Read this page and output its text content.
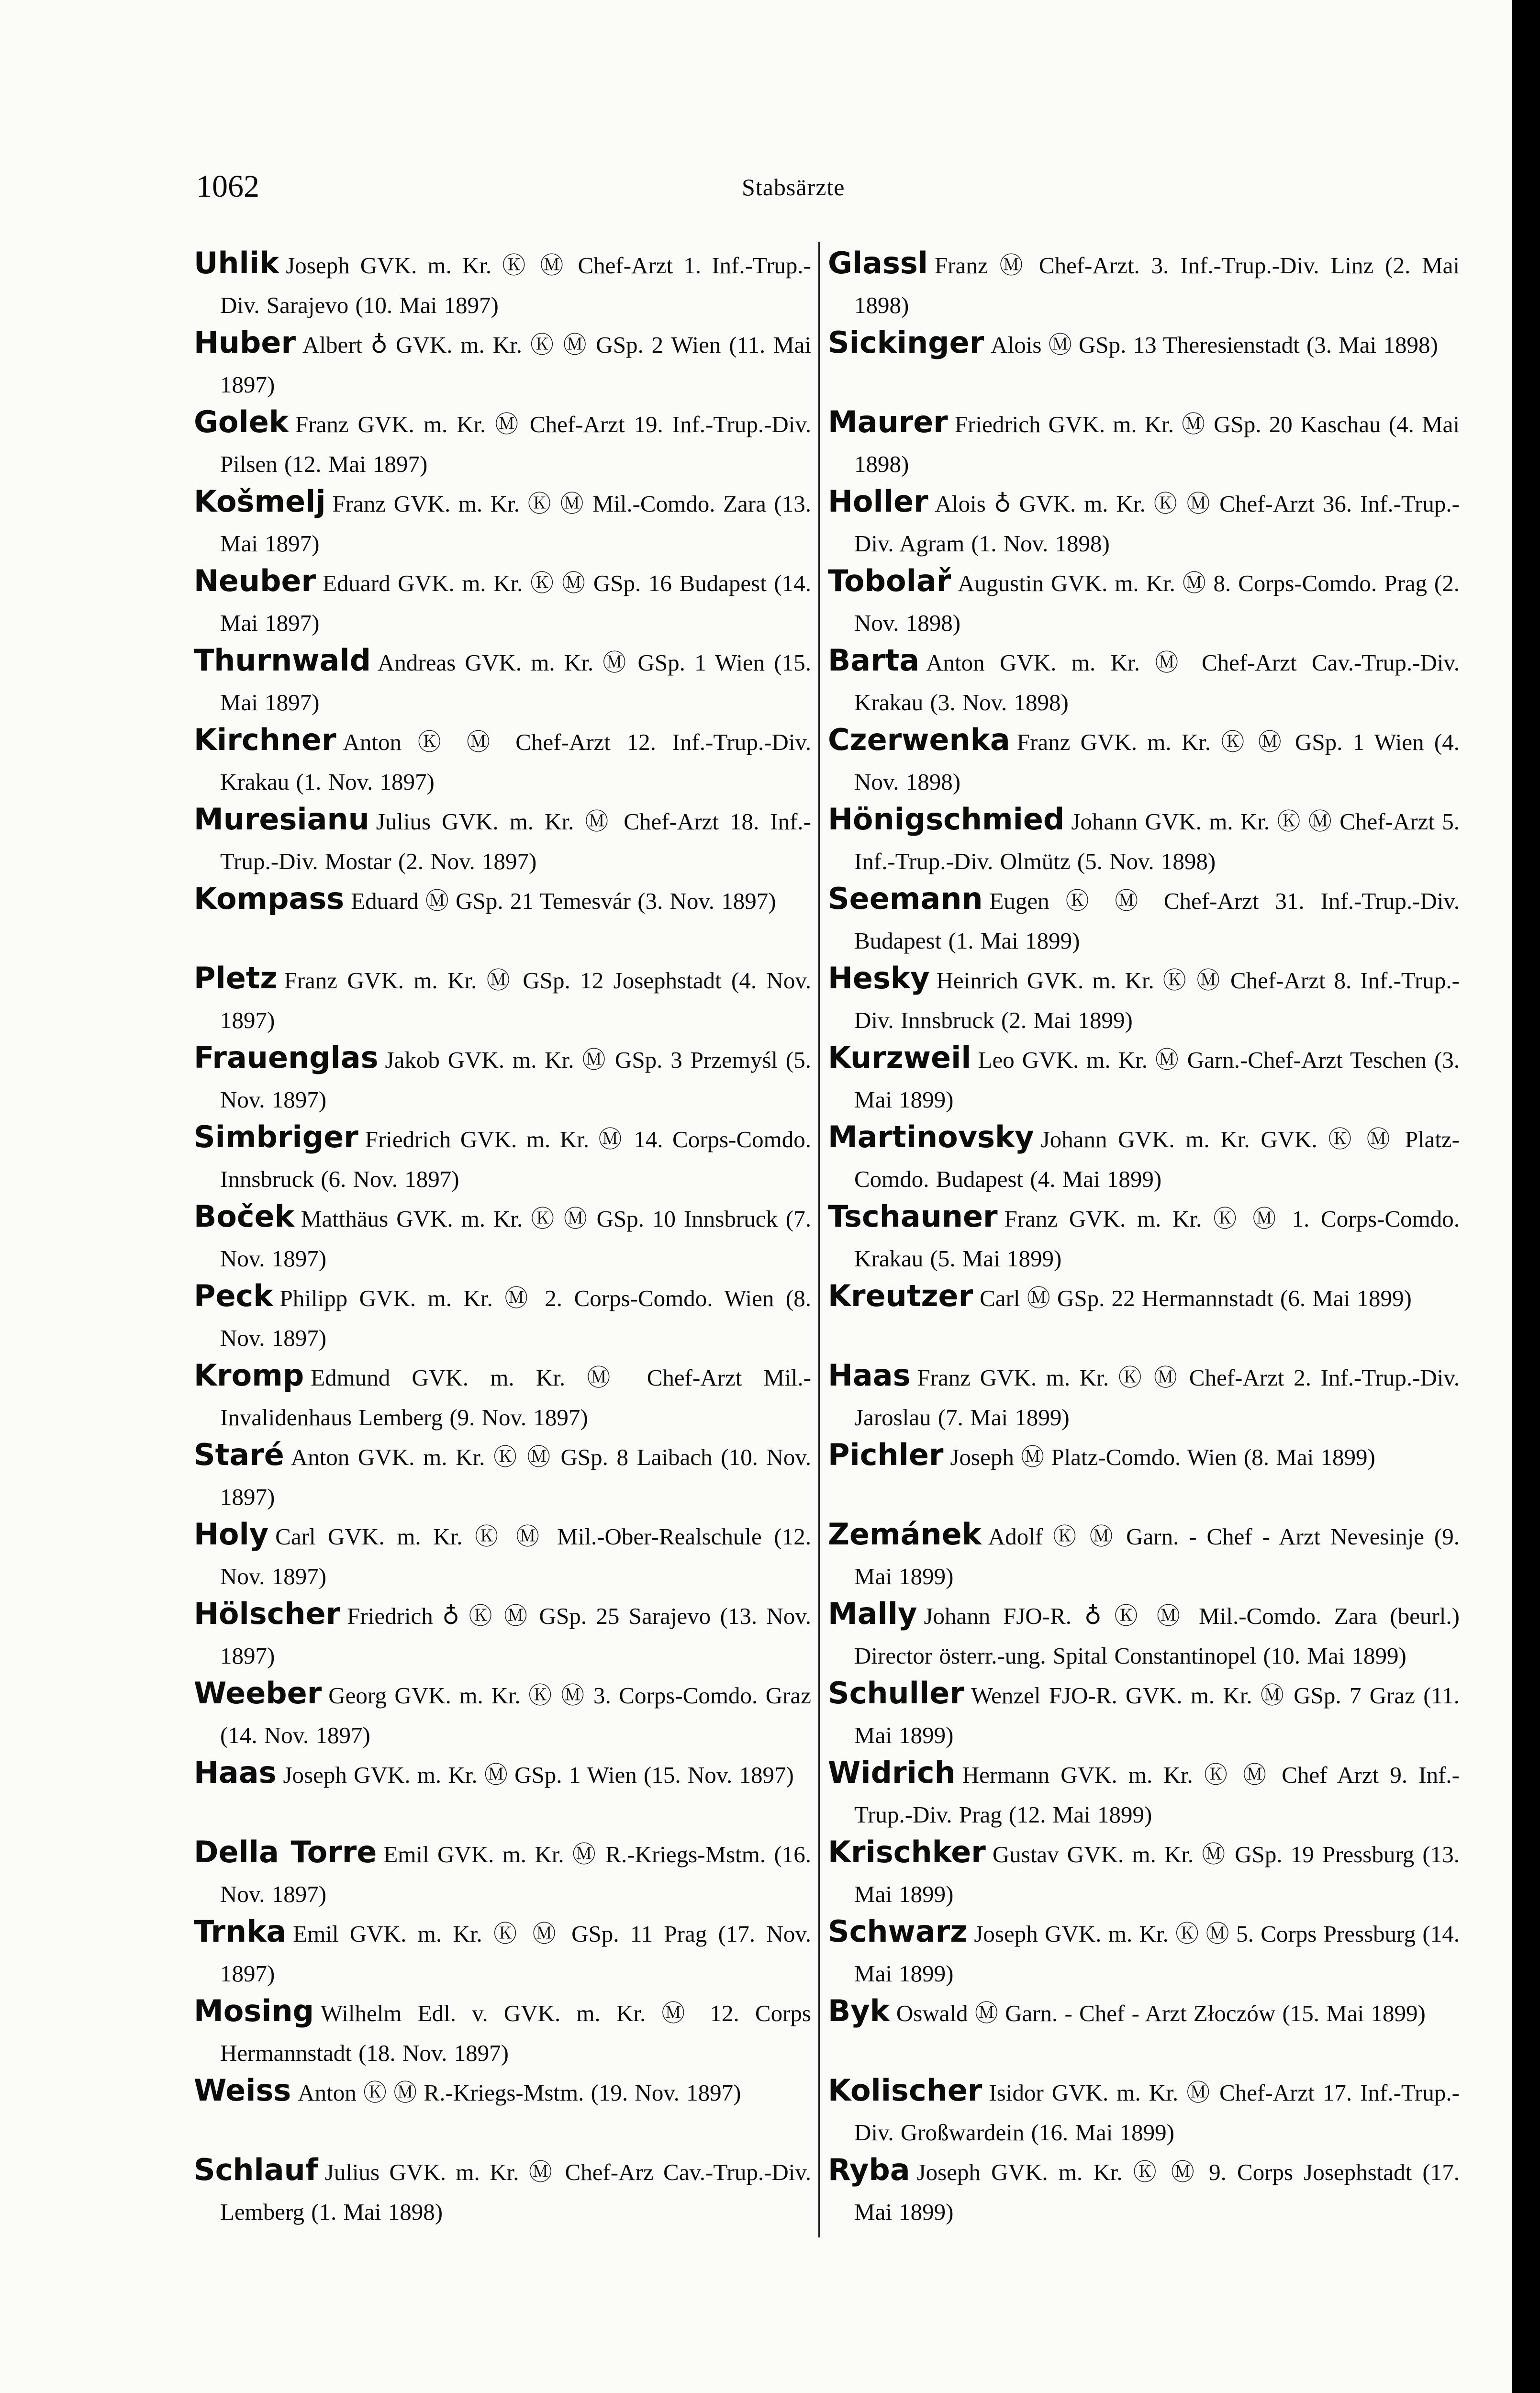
1062	Stabsärzte

Uhlik Joseph GVK. m. Kr. Ⓚ Ⓜ Chef-Arzt 1. Inf.-Trup.-Div. Sarajevo (10. Mai 1897)

Huber Albert ♁ GVK. m. Kr. Ⓚ Ⓜ GSp. 2 Wien (11. Mai 1897)

Golek Franz GVK. m. Kr. Ⓜ Chef-Arzt 19. Inf.-Trup.-Div. Pilsen (12. Mai 1897)

Košmelj Franz GVK. m. Kr. Ⓚ Ⓜ Mil.-Comdo. Zara (13. Mai 1897)

Neuber Eduard GVK. m. Kr. Ⓚ Ⓜ GSp. 16 Budapest (14. Mai 1897)

Thurnwald Andreas GVK. m. Kr. Ⓜ GSp. 1 Wien (15. Mai 1897)

Kirchner Anton Ⓚ Ⓜ Chef-Arzt 12. Inf.-Trup.-Div. Krakau (1. Nov. 1897)

Muresianu Julius GVK. m. Kr. Ⓜ Chef-Arzt 18. Inf.-Trup.-Div. Mostar (2. Nov. 1897)

Kompass Eduard Ⓜ GSp. 21 Temesvár (3. Nov. 1897)

Pletz Franz GVK. m. Kr. Ⓜ GSp. 12 Josephstadt (4. Nov. 1897)

Frauenglas Jakob GVK. m. Kr. Ⓜ GSp. 3 Przemyśl (5. Nov. 1897)

Simbriger Friedrich GVK. m. Kr. Ⓜ 14. Corps-Comdo. Innsbruck (6. Nov. 1897)

Boček Matthäus GVK. m. Kr. Ⓚ Ⓜ GSp. 10 Innsbruck (7. Nov. 1897)

Peck Philipp GVK. m. Kr. Ⓜ 2. Corps-Comdo. Wien (8. Nov. 1897)

Kromp Edmund GVK. m. Kr. Ⓜ Chef-Arzt Mil.-Invalidenhaus Lemberg (9. Nov. 1897)

Staré Anton GVK. m. Kr. Ⓚ Ⓜ GSp. 8 Laibach (10. Nov. 1897)

Holy Carl GVK. m. Kr. Ⓚ Ⓜ Mil.-Ober-Realschule (12. Nov. 1897)

Hölscher Friedrich ♁ Ⓚ Ⓜ GSp. 25 Sarajevo (13. Nov. 1897)

Weeber Georg GVK. m. Kr. Ⓚ Ⓜ 3. Corps-Comdo. Graz (14. Nov. 1897)

Haas Joseph GVK. m. Kr. Ⓜ GSp. 1 Wien (15. Nov. 1897)

Della Torre Emil GVK. m. Kr. Ⓜ R.-Kriegs-Mstm. (16. Nov. 1897)

Trnka Emil GVK. m. Kr. Ⓚ Ⓜ GSp. 11 Prag (17. Nov. 1897)

Mosing Wilhelm Edl. v. GVK. m. Kr. Ⓜ 12. Corps Hermannstadt (18. Nov. 1897)

Weiss Anton Ⓚ Ⓜ R.-Kriegs-Mstm. (19. Nov. 1897)

Schlauf Julius GVK. m. Kr. Ⓜ Chef-Arz Cav.-Trup.-Div. Lemberg (1. Mai 1898)

Glassl Franz Ⓜ Chef-Arzt. 3. Inf.-Trup.-Div. Linz (2. Mai 1898)

Sickinger Alois Ⓜ GSp. 13 Theresienstadt (3. Mai 1898)

Maurer Friedrich GVK. m. Kr. Ⓜ GSp. 20 Kaschau (4. Mai 1898)

Holler Alois ♁ GVK. m. Kr. Ⓚ Ⓜ Chef-Arzt 36. Inf.-Trup.-Div. Agram (1. Nov. 1898)

Tobolař Augustin GVK. m. Kr. Ⓜ 8. Corps-Comdo. Prag (2. Nov. 1898)

Barta Anton GVK. m. Kr. Ⓜ Chef-Arzt Cav.-Trup.-Div. Krakau (3. Nov. 1898)

Czerwenka Franz GVK. m. Kr. Ⓚ Ⓜ GSp. 1 Wien (4. Nov. 1898)

Hönigschmied Johann GVK. m. Kr. Ⓚ Ⓜ Chef-Arzt 5. Inf.-Trup.-Div. Olmütz (5. Nov. 1898)

Seemann Eugen Ⓚ Ⓜ Chef-Arzt 31. Inf.-Trup.-Div. Budapest (1. Mai 1899)

Hesky Heinrich GVK. m. Kr. Ⓚ Ⓜ Chef-Arzt 8. Inf.-Trup.-Div. Innsbruck (2. Mai 1899)

Kurzweil Leo GVK. m. Kr. Ⓜ Garn.-Chef-Arzt Teschen (3. Mai 1899)

Martinovsky Johann GVK. m. Kr. GVK. Ⓚ Ⓜ Platz-Comdo. Budapest (4. Mai 1899)

Tschauner Franz GVK. m. Kr. Ⓚ Ⓜ 1. Corps-Comdo. Krakau (5. Mai 1899)

Kreutzer Carl Ⓜ GSp. 22 Hermannstadt (6. Mai 1899)

Haas Franz GVK. m. Kr. Ⓚ Ⓜ Chef-Arzt 2. Inf.-Trup.-Div. Jaroslau (7. Mai 1899)

Pichler Joseph Ⓜ Platz-Comdo. Wien (8. Mai 1899)

Zemánek Adolf Ⓚ Ⓜ Garn. - Chef - Arzt Nevesinje (9. Mai 1899)

Mally Johann FJO-R. ♁ Ⓚ Ⓜ Mil.-Comdo. Zara (beurl.) Director österr.-ung. Spital Constantinopel (10. Mai 1899)

Schuller Wenzel FJO-R. GVK. m. Kr. Ⓜ GSp. 7 Graz (11. Mai 1899)

Widrich Hermann GVK. m. Kr. Ⓚ Ⓜ Chef Arzt 9. Inf.-Trup.-Div. Prag (12. Mai 1899)

Krischker Gustav GVK. m. Kr. Ⓜ GSp. 19 Pressburg (13. Mai 1899)

Schwarz Joseph GVK. m. Kr. Ⓚ Ⓜ 5. Corps Pressburg (14. Mai 1899)

Byk Oswald Ⓜ Garn. - Chef - Arzt Złoczów (15. Mai 1899)

Kolischer Isidor GVK. m. Kr. Ⓜ Chef-Arzt 17. Inf.-Trup.-Div. Großwardein (16. Mai 1899)

Ryba Joseph GVK. m. Kr. Ⓚ Ⓜ 9. Corps Josephstadt (17. Mai 1899)
